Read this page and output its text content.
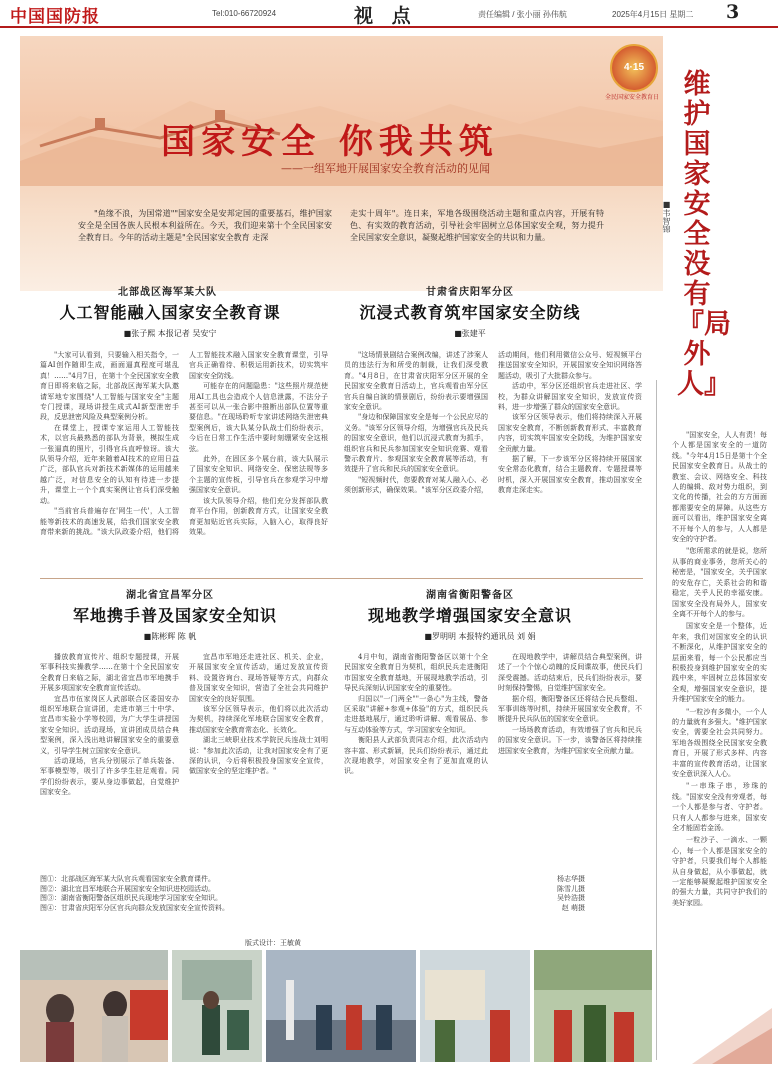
中国国防报	Tel:010-66720924	视 点	责任编辑 / 张小丽 孙伟航	2025年4月15日 星期二 3
4·15
全民国家安全教育日
国家安全 你我共筑
——一组军地开展国家安全教育活动的见闻
"鱼缘不浪，为国常道""国家安全是安邦定国的重要基石，维护国家安全是全国各族人民根本利益所在。今天，我们迎来第十个全民国家安全教育日。今年的活动主题是"全民国家安全教育 走深
走实十周年"。连日来，军地各级围绕活动主题和重点内容，开展有特色、有实效的教育活动，引导社会牢固树立总体国家安全观，努力提升全民国家安全意识，凝聚起维护国家安全的共识和力量。
维护国家安全没有『局外人』
■韦智锦

"国家安全，人人有责！每个人都是国家安全的一道防线。"今年4月15日是第十个全民国家安全教育日。从战士的教室、会议、网络安全、科技人的编辑、敌对势力组织，到文化的传播，社会的方方面面都需要安全的屏障。从这些方面可以看出，维护国家安全离不开每个人的参与，人人都是安全的守护者。

"您所需求的就是说，您所从事的商业事务，您所关心的秘密是，"国家安全，关乎国家的安危存亡，关系社会的和谐稳定，关乎人民的幸福安康。国家安全没有局外人，国家安全离不开每个人的参与。

国家安全是一个整体，近年来，我们对国家安全的认识不断深化，从维护国家安全的层面来看，每一个公民都应当积极投身到维护国家安全的实践中来，牢固树立总体国家安全观，增强国家安全意识，提升维护国家安全的能力。

"一粒沙有多微小，一个人的力量就有多强大。"维护国家安全，需要全社会共同努力。军地各级围绕全民国家安全教育日，开展了形式多样、内容丰富的宣传教育活动，让国家安全意识深入人心。

"一串珠子串，珍珠的线。"国家安全没有旁观者，每一个人都是参与者、守护者。只有人人都参与进来，国家安全才能固若金汤。

一粒沙子、一滴水、一颗心，每一个人都是国家安全的守护者，只要我们每个人都能从自身做起，从小事做起，就一定能够凝聚起维护国家安全的强大力量，共同守护我们的美好家园。

北部战区海军某大队
人工智能融入国家安全教育课
■张子熙 本报记者 吴安宁

"大家可认看到，只要输入相关指令，一篇AI创作随即生成，画面逼真程度可堪乱真！……"4月7日，在第十个全民国家安全教育日即将来临之际，北部战区海军某大队邀请军地专家围绕"人工智能与国家安全"主题专门授课，现场讲授生成式AI新型泄密手段，反思泄密风险及典型案例分析。

在课堂上，授课专家运用人工智能技术，以官兵最熟悉的部队为背景，模拟生成一张逼真的照片，引得官兵直呼惊讶。该大队领导介绍，近年来随着AI技术的应用日益广泛，部队官兵对新技术新媒体的运用越来越广泛，对信息安全的认知有待进一步提升，课堂上一个个真实案例让官兵们深受触动。

"当前官兵普遍存在'网生一代'，人工智能等新技术的高速发展，给我们国家安全教育带来新的挑战。"该大队政委介绍，他们将人工智能技术融入国家安全教育课堂，引导官兵正确看待、积极运用新技术，切实筑牢国家安全防线。

可能存在的问题隐患："这些照片规范使用AI工具也会造成个人信息泄露，不法分子甚至可以从一张合影中推断出部队位置等重要信息。"在现场聆听专家讲述网络失泄密典型案例后，该大队某分队战士们纷纷表示，今后在日常工作生活中要时刻绷紧安全这根弦。

此外，在固区多个展台前，该大队展示了国家安全知识、网络安全、保密法规等多个主题的宣传板，引导官兵在参观学习中增强国家安全意识。

该大队领导介绍，他们充分发挥部队教育平台作用，创新教育方式，让国家安全教育更加贴近官兵实际，入脑入心，取得良好效果。

甘肃省庆阳军分区
沉浸式教育筑牢国家安全防线
■张建平

"这场情景剧结合案例改编，讲述了涉案人员的违法行为和所受的制裁，让我们深受教育。"4月8日，在甘肃省庆阳军分区开展的全民国家安全教育日活动上，官兵观看由军分区官兵自编自演的情景剧后，纷纷表示要增强国家安全意识。

"身边和保障国家安全是每一个公民应尽的义务。"该军分区领导介绍，为增强官兵及民兵的国家安全意识，他们以沉浸式教育为抓手，组织官兵和民兵参加国家安全知识竞赛、观看警示教育片、参观国家安全教育展等活动，有效提升了官兵和民兵的国家安全意识。

"短视频时代，您要教育对某人融入心、必须创新形式，确保效果。"该军分区政委介绍，活动期间，他们利用微信公众号、短视频平台推送国家安全知识，开展国家安全知识网络答题活动，吸引了大批群众参与。

活动中，军分区还组织官兵走进社区、学校，为群众讲解国家安全知识，发放宣传资料，进一步增强了群众的国家安全意识。

该军分区领导表示，他们将持续深入开展国家安全教育，不断创新教育形式、丰富教育内容，切实筑牢国家安全防线，为维护国家安全贡献力量。

据了解，下一步该军分区将持续开展国家安全常态化教育，结合主题教育、专题授课等时机，深入开展国家安全教育，推动国家安全教育走深走实。

湖北省宜昌军分区
军地携手普及国家安全知识
■陈彬辉 陈 帆

播放教育宣传片、组织专题授课，开展军事科技实操教学……在第十个全民国家安全教育日来临之际，湖北省宜昌市军地携手开展多项国家安全教育宣传活动。

宜昌市伍家岗区人武部联合区委国安办组织军地联合宣讲团，走进市第三十中学、宜昌市实验小学等校园，为广大学生讲授国家安全知识。活动现场，宣讲团成员结合典型案例，深入浅出地讲解国家安全的重要意义，引导学生树立国家安全意识。

活动现场，官兵分别展示了单兵装备、军事模型等，吸引了许多学生驻足观看。同学们纷纷表示，要从身边事做起，自觉维护国家安全。

宜昌市军地还走进社区、机关、企业，开展国家安全宣传活动，通过发放宣传资料、设置咨询台、现场答疑等方式，向群众普及国家安全知识，营造了全社会共同维护国家安全的良好氛围。

该军分区领导表示，他们将以此次活动为契机，持续深化军地联合国家安全教育，推动国家安全教育常态化、长效化。

湖北三峡职业技术学院民兵连战士刘明说："参加此次活动，让我对国家安全有了更深的认识，今后将积极投身国家安全宣传，做国家安全的坚定维护者。"

湖南省衡阳警备区
现地教学增强国家安全意识
■罗明明 本报特约通讯员 刘 娟

4月中旬，湖南省衡阳警备区以第十个全民国家安全教育日为契机，组织民兵走进衡阳市国家安全教育基地，开展现地教学活动，引导民兵深刻认识国家安全的重要性。

归国以"一门两全""一条心"为主线，警备区采取"讲解+参观+体验"的方式，组织民兵走进基地展厅，通过聆听讲解、观看展品、参与互动体验等方式，学习国家安全知识。

衡阳县人武部负责同志介绍，此次活动内容丰富、形式新颖，民兵们纷纷表示，通过此次现地教学，对国家安全有了更加直观的认识。

在现地教学中，讲解员结合典型案例，讲述了一个个惊心动魄的反间谍故事，使民兵们深受震撼。活动结束后，民兵们纷纷表示，要时刻保持警惕，自觉维护国家安全。

据介绍，衡阳警备区还将结合民兵整组、军事训练等时机，持续开展国家安全教育，不断提升民兵队伍的国家安全意识。

一场场教育活动，有效增强了官兵和民兵的国家安全意识。下一步，该警备区将持续推进国家安全教育，为维护国家安全贡献力量。

图①：北部战区海军某大队官兵观看国家安全教育课件。	杨志华摄
图②：湖北宜昌军地联合开展国家安全知识进校园活动。	陈雪儿摄
图③：湖南省衡阳警备区组织民兵现地学习国家安全知识。	吴铃浩摄
图④：甘肃省庆阳军分区官兵向群众发放国家安全宣传资料。	赵 萌摄
版式设计：王敏黄
